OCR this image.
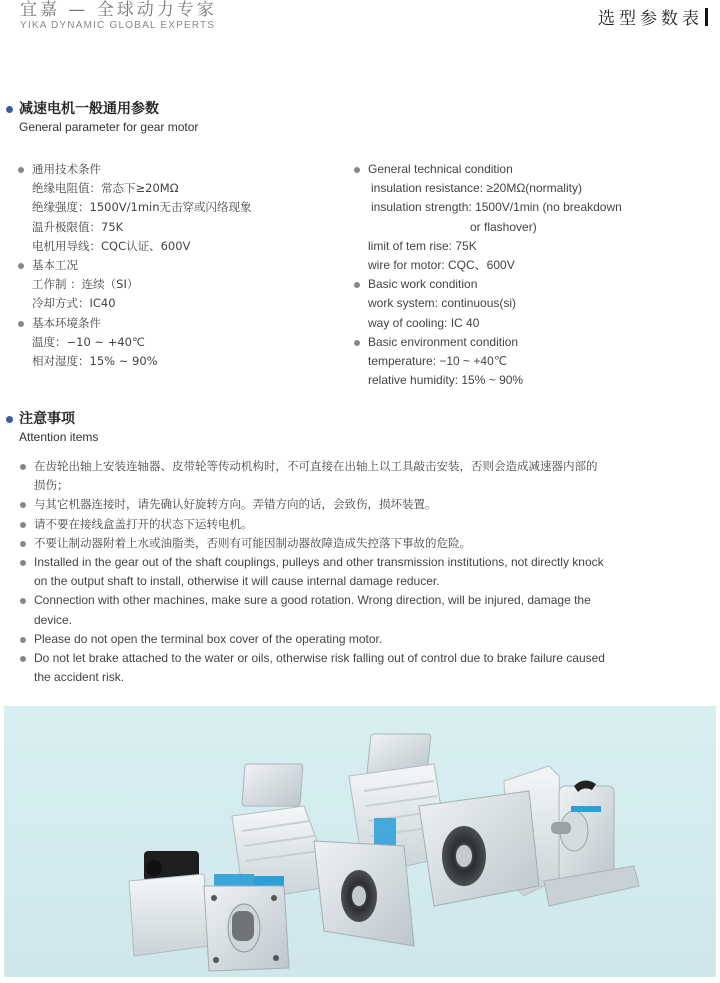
宜嘉 — 全球动力专家
YIKA DYNAMIC GLOBAL EXPERTS	选型参数表
减速电机一般通用参数
General parameter for gear motor
通用技术条件
绝缘电阻值：常态下≥20MΩ
绝缘强度：1500V/1min无击穿或闪络现象
温升极限值：75K
电机用导线：CQC认证、600V
基本工况
工作制 ：连续（SI）
冷却方式：IC40
基本环境条件
温度：−10 ~ +40℃
相对湿度：15% ~ 90%
General technical condition
insulation resistance: ≥20MΩ(normality)
insulation strength: 1500V/1min (no breakdown
or flashover)
limit of tem rise: 75K
wire for motor: CQC、600V
Basic work condition
work system: continuous(si)
way of cooling: IC 40
Basic environment condition
temperature: −10 ~ +40℃
relative humidity: 15% ~ 90%
注意事项
Attention items
在齿轮出轴上安装连轴器、皮带轮等传动机构时，不可直接在出轴上以工具敲击安装，否则会造成减速器内部的损伤；
与其它机器连接时，请先确认好旋转方向。弄错方向的话，会致伤，损坏装置。
请不要在接线盒盖打开的状态下运转电机。
不要让制动器附着上水或油脂类，否则有可能因制动器故障造成失控落下事故的危险。
Installed in the gear out of the shaft couplings, pulleys and other transmission institutions, not directly knock on the output shaft to install, otherwise it will cause internal damage reducer.
Connection with other machines, make sure a good rotation. Wrong direction, will be injured, damage the device.
Please do not open the terminal box cover of the operating motor.
Do not let brake attached to the water or oils, otherwise risk falling out of control due to brake failure caused the accident risk.
